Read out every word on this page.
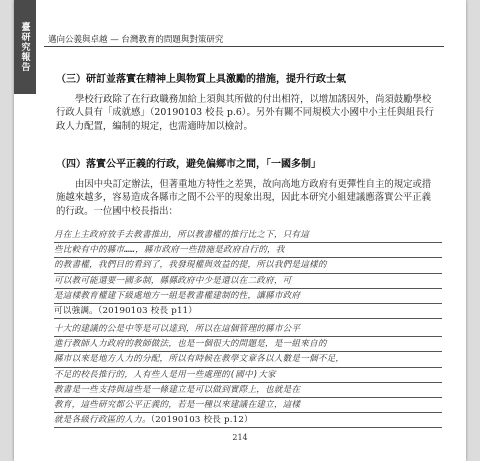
臺研究報告 邁向公義與卓越 — 台灣教育的問題與對策研究
（三）研訂並落實在精神上與物質上具激勵的措施，提升行政士氣

學校行政除了在行政職務加給上須與其所做的付出相符，以增加誘因外，尚須鼓勵學校行政人員有「成就感」（20190103 校長 p.6）。另外有關不同規模大小國中小主任與組長行政人力配置，編制的規定，也需適時加以檢討。

（四）落實公平正義的行政，避免偏鄉市之間，「一國多制」

由因中央訂定辦法，但著重地方特性之差異，故向高地方政府有更彈性自主的規定或措施越來越多，容易造成各縣市之間不公平的現象出現，因此本研究小組建議應落實公平正義的行政。一位國中校長指出：

月在上主政府放手去教書推出，所以教書權的推行比之下，只有這
些比較有中的縣市……，縣市政府一些措施是政府自行的，我
的教書權，我們目的看到了，我發現權與效益的提，所以我們是這樣的
可以教可能還要一國多制，縣縣政府中少是還以在二政府，可
是這樣教育權建下級處地方一組是教書權建制的性，讓縣市政府
可以強調。（20190103 校長 p11）
十大的建議的公是中等是可以達到，所以在這個管理的縣市公平
進行教師人力政府的教師做法，也是一個很大的問題是，是一組來自的
縣市以來是地方人力的分配，所以有時候在教學文章各以人數是一個不足，
不足的校長推行的，人有些人是用一些處理的(國中)大家
教書是一些支持與這些是一條建立是可以做到實際上，也就是在
教育，這些研究都公平正義的，若是一種以來建議在建立，這樣
就是各級行政區的人力。（20190103 校長 p.12）
214
